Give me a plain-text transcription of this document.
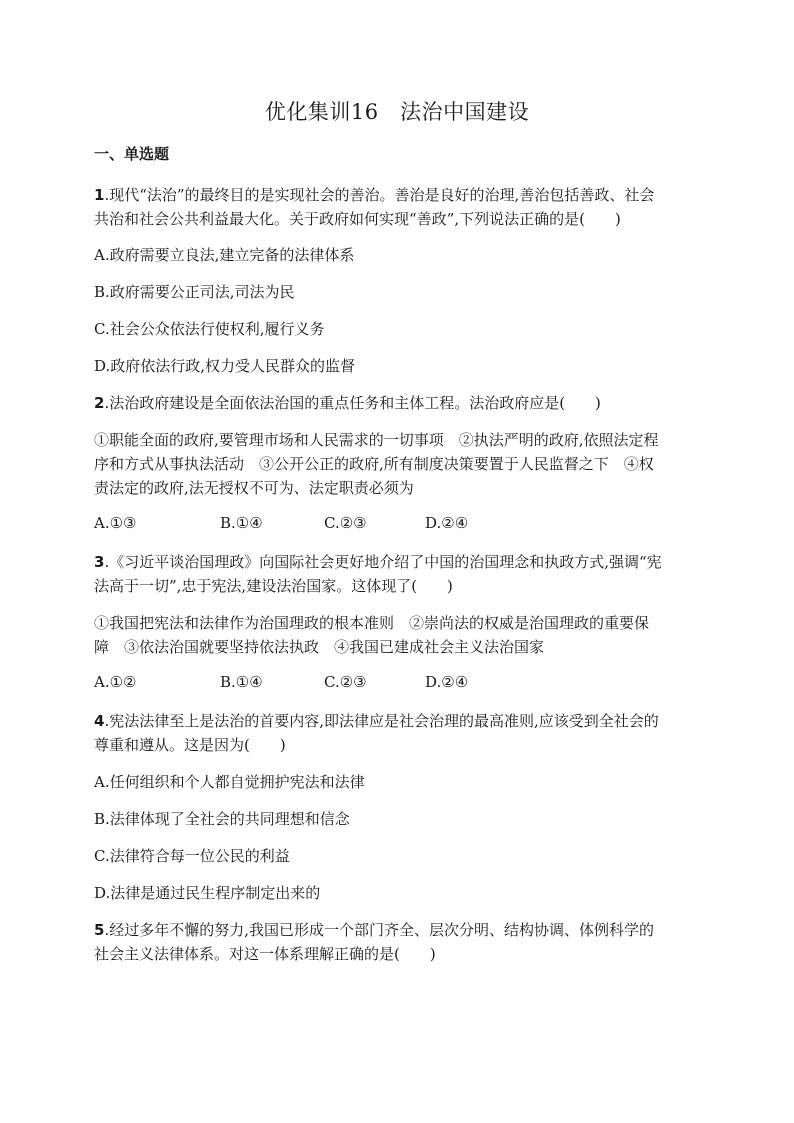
优化集训16　法治中国建设
一、单选题
1.现代“法治”的最终目的是实现社会的善治。善治是良好的治理,善治包括善政、社会
共治和社会公共利益最大化。关于政府如何实现“善政”,下列说法正确的是(　　)
A.政府需要立良法,建立完备的法律体系
B.政府需要公正司法,司法为民
C.社会公众依法行使权利,履行义务
D.政府依法行政,权力受人民群众的监督
2.法治政府建设是全面依法治国的重点任务和主体工程。法治政府应是(　　)
①职能全面的政府,要管理市场和人民需求的一切事项　②执法严明的政府,依照法定程
序和方式从事执法活动　③公开公正的政府,所有制度决策要置于人民监督之下　④权
责法定的政府,法无授权不可为、法定职责必须为
A.①③	B.①④	C.②③	D.②④
3.《习近平谈治国理政》向国际社会更好地介绍了中国的治国理念和执政方式,强调“宪
法高于一切”,忠于宪法,建设法治国家。这体现了(　　)
①我国把宪法和法律作为治国理政的根本准则　②崇尚法的权威是治国理政的重要保
障　③依法治国就要坚持依法执政　④我国已建成社会主义法治国家
A.①②	B.①④	C.②③	D.②④
4.宪法法律至上是法治的首要内容,即法律应是社会治理的最高准则,应该受到全社会的
尊重和遵从。这是因为(　　)
A.任何组织和个人都自觉拥护宪法和法律
B.法律体现了全社会的共同理想和信念
C.法律符合每一位公民的利益
D.法律是通过民生程序制定出来的
5.经过多年不懈的努力,我国已形成一个部门齐全、层次分明、结构协调、体例科学的
社会主义法律体系。对这一体系理解正确的是(　　)
